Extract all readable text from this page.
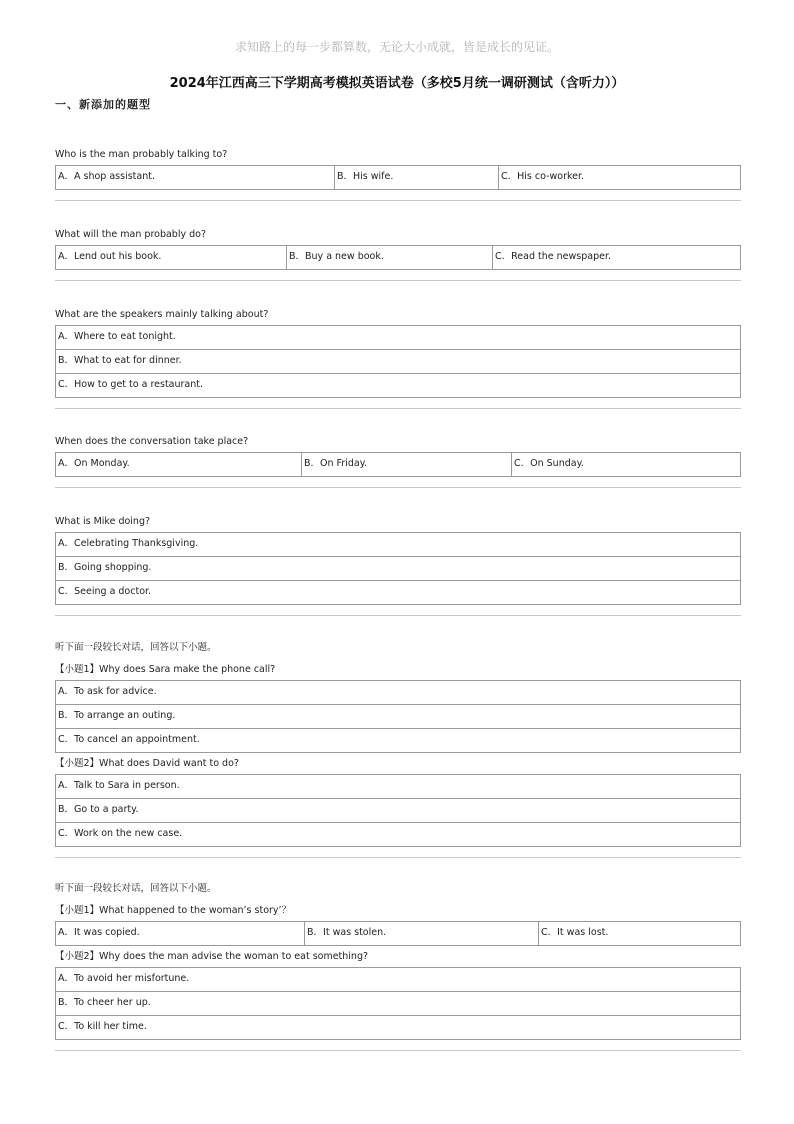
求知路上的每一步都算数，无论大小成就，皆是成长的见证。
2024年江西高三下学期高考模拟英语试卷（多校5月统一调研测试（含听力））
一、新添加的题型
Who is the man probably talking to?
A．A shop assistant.	B．His wife.	C．His co-worker.
What will the man probably do?
A．Lend out his book.	B．Buy a new book.	C．Read the newspaper.
What are the speakers mainly talking about?
A．Where to eat tonight.
B．What to eat for dinner.
C．How to get to a restaurant.
When does the conversation take place?
A．On Monday.	B．On Friday.	C．On Sunday.
What is Mike doing?
A．Celebrating Thanksgiving.
B．Going shopping.
C．Seeing a doctor.
听下面一段较长对话，回答以下小题。
【小题1】Why does Sara make the phone call?
A．To ask for advice.
B．To arrange an outing.
C．To cancel an appointment.
【小题2】What does David want to do?
A．Talk to Sara in person.
B．Go to a party.
C．Work on the new case.
听下面一段较长对话，回答以下小题。
【小题1】What happened to the woman’s story’？
A．It was copied.	B．It was stolen.	C．It was lost.
【小题2】Why does the man advise the woman to eat something?
A．To avoid her misfortune.
B．To cheer her up.
C．To kill her time.
